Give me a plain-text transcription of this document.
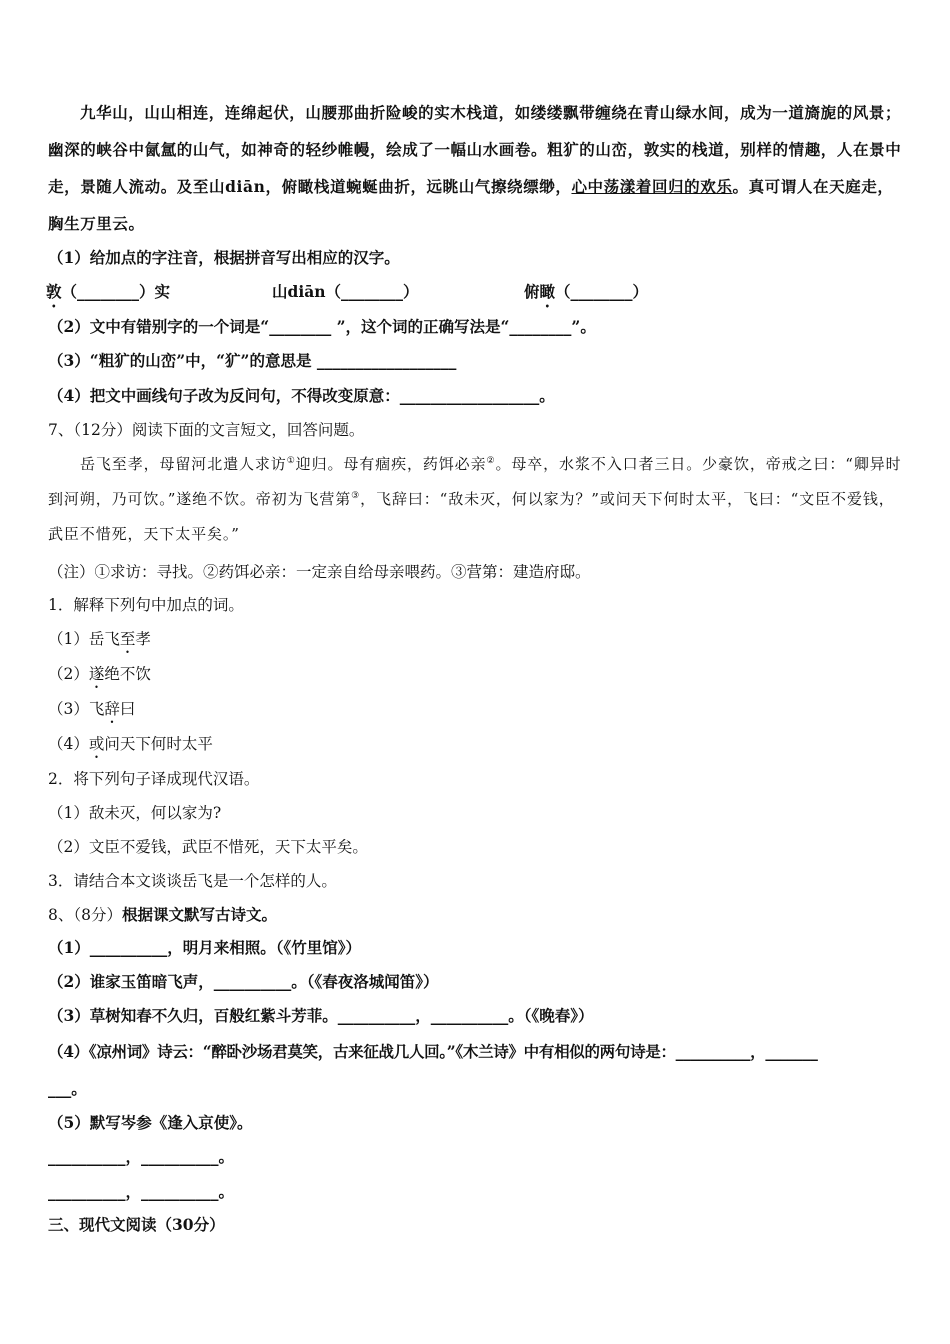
九华山，山山相连，连绵起伏，山腰那曲折险峻的实木栈道，如缕缕飘带缠绕在青山绿水间，成为一道旖旎的风景；幽深的峡谷中氤氲的山气，如神奇的轻纱帷幔，绘成了一幅山水画卷。粗犷的山峦，敦实的栈道，别样的情趣，人在景中走，景随人流动。及至山diān，俯瞰栈道蜿蜒曲折，远眺山气擦绕缥缈，心中荡漾着回归的欢乐。真可谓人在天庭走，胸生万里云。
（1）给加点的字注音，根据拼音写出相应的汉字。
敦（________）实	山diān（________）	俯瞰（________）
（2）文中有错别字的一个词是“________ ”，这个词的正确写法是“________”。
（3）“粗犷的山峦”中，“犷”的意思是 __________________
（4）把文中画线句子改为反问句，不得改变原意：__________________。
7、（12分）阅读下面的文言短文，回答问题。
岳飞至孝，母留河北遣人求访①迎归。母有痼疾，药饵必亲②。母卒，水浆不入口者三日。少豪饮，帝戒之曰：“卿异时到河朔，乃可饮。”遂绝不饮。帝初为飞营第③，飞辞曰：“敌未灭，何以家为？”或问天下何时太平，飞曰：“文臣不爱钱，武臣不惜死，天下太平矣。”
（注）①求访：寻找。②药饵必亲：一定亲自给母亲喂药。③营第：建造府邸。
1．解释下列句中加点的词。
（1）岳飞至孝
（2）遂绝不饮
（3）飞辞曰
（4）或问天下何时太平
2．将下列句子译成现代汉语。
（1）敌未灭，何以家为?
（2）文臣不爱钱，武臣不惜死，天下太平矣。
3．请结合本文谈谈岳飞是一个怎样的人。
8、（8分）根据课文默写古诗文。
（1）__________，明月来相照。（《竹里馆》）
（2）谁家玉笛暗飞声，__________。（《春夜洛城闻笛》）
（3）草树知春不久归，百般红紫斗芳菲。__________，__________。（《晚春》）
（4）《凉州词》诗云：“醉卧沙场君莫笑，古来征战几人回。”《木兰诗》中有相似的两句诗是：__________，_______
___。
（5）默写岑参《逢入京使》。
__________，__________。
__________，__________。
三、现代文阅读（30分）
